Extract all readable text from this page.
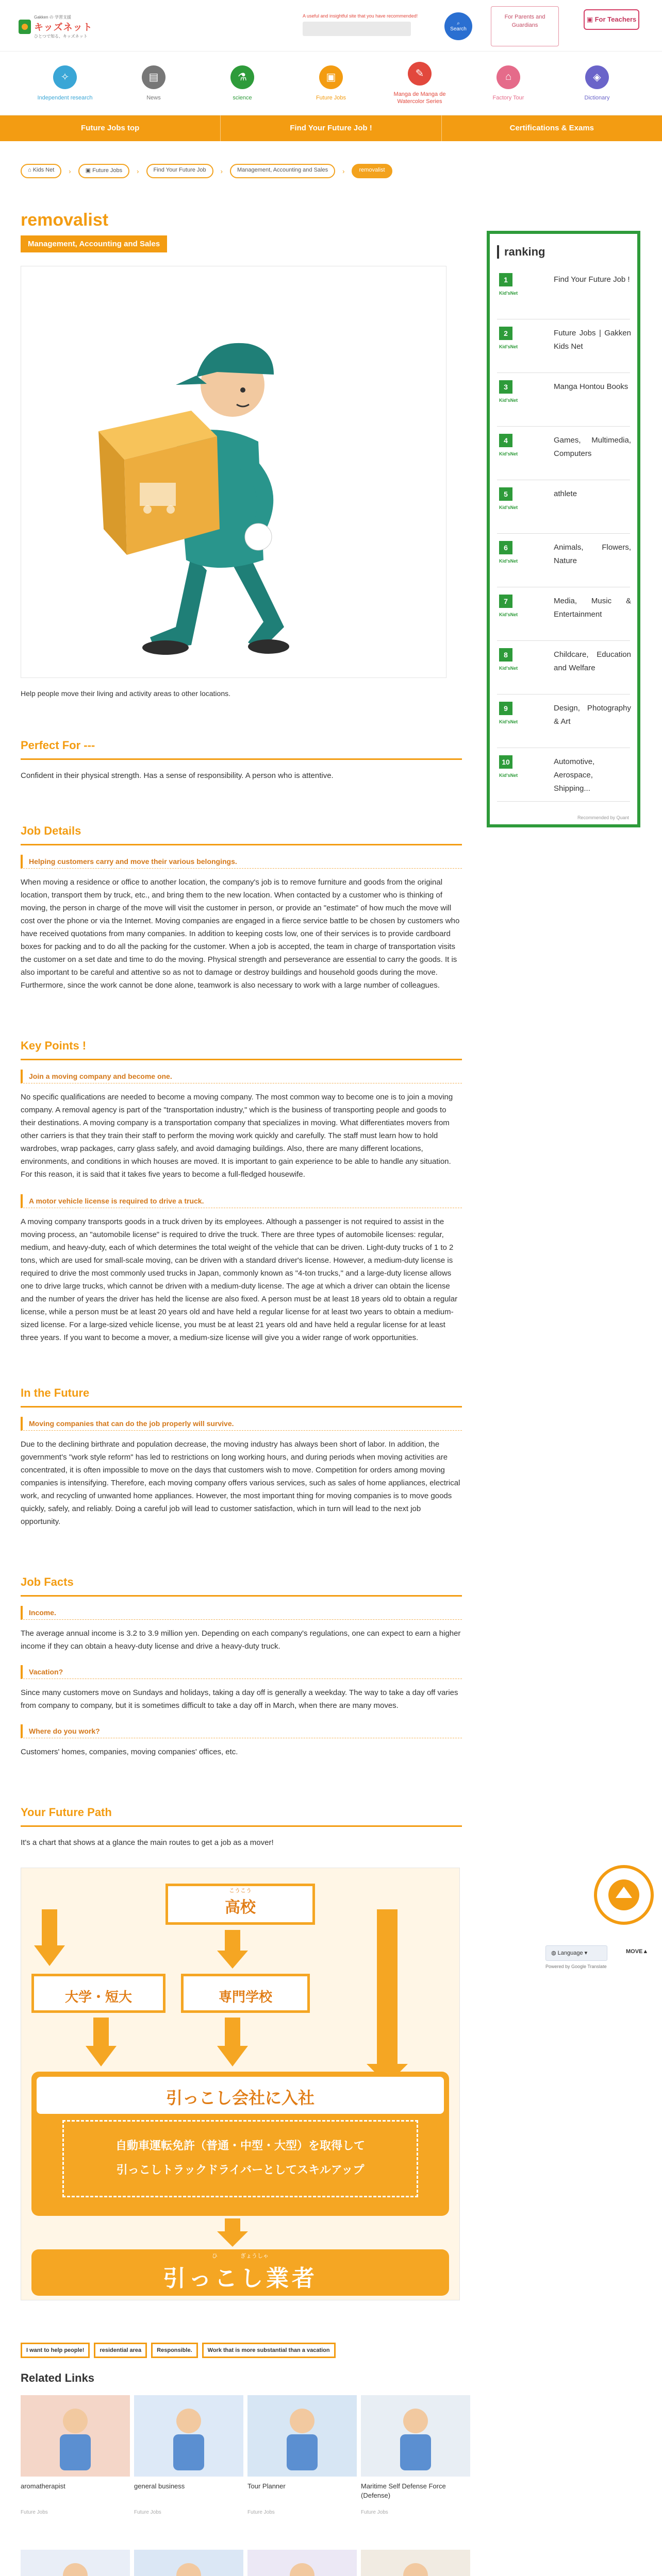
Gakken の 学習支援
キッズネット
ひとつで知る、キッズネット
A useful and insightful site that you have recommended!
⌕
Search
For Parents and Guardians
▣ For Teachers
✧
Independent research
▤
News
⚗
science
▣
Future Jobs
✎
Manga de Manga de Watercolor Series
⌂
Factory Tour
◈
Dictionary
Future Jobs top	Find Your Future Job !	Certifications & Exams
⌂ Kids Net	›	▣ Future Jobs	›	Find Your Future Job	›	Management, Accounting and Sales	›	removalist
removalist
Management, Accounting and Sales
Help people move their living and activity areas to other locations.
Perfect For ---
Confident in their physical strength. Has a sense of responsibility. A person who is attentive.
Job Details
Helping customers carry and move their various belongings.
When moving a residence or office to another location, the company's job is to remove furniture and goods from the original location, transport them by truck, etc., and bring them to the new location. When contacted by a customer who is thinking of moving, the person in charge of the move will visit the customer in person, or provide an "estimate" of how much the move will cost over the phone or via the Internet. Moving companies are engaged in a fierce service battle to be chosen by customers who have received quotations from many companies. In addition to keeping costs low, one of their services is to provide cardboard boxes for packing and to do all the packing for the customer. When a job is accepted, the team in charge of transportation visits the customer on a set date and time to do the moving. Physical strength and perseverance are essential to carry the goods. It is also important to be careful and attentive so as not to damage or destroy buildings and household goods during the move. Furthermore, since the work cannot be done alone, teamwork is also necessary to work with a large number of colleagues.
Key Points !
Join a moving company and become one.
No specific qualifications are needed to become a moving company. The most common way to become one is to join a moving company. A removal agency is part of the "transportation industry," which is the business of transporting people and goods to their destinations. A moving company is a transportation company that specializes in moving. What differentiates movers from other carriers is that they train their staff to perform the moving work quickly and carefully. The staff must learn how to hold wardrobes, wrap packages, carry glass safely, and avoid damaging buildings. Also, there are many different locations, environments, and conditions in which houses are moved. It is important to gain experience to be able to handle any situation. For this reason, it is said that it takes five years to become a full-fledged housewife.
A motor vehicle license is required to drive a truck.
A moving company transports goods in a truck driven by its employees. Although a passenger is not required to assist in the moving process, an "automobile license" is required to drive the truck. There are three types of automobile licenses: regular, medium, and heavy-duty, each of which determines the total weight of the vehicle that can be driven. Light-duty trucks of 1 to 2 tons, which are used for small-scale moving, can be driven with a standard driver's license. However, a medium-duty license is required to drive the most commonly used trucks in Japan, commonly known as "4-ton trucks," and a large-duty license allows one to drive large trucks, which cannot be driven with a medium-duty license. The age at which a driver can obtain the license and the number of years the driver has held the license are also fixed. A person must be at least 18 years old to obtain a regular license, while a person must be at least 20 years old and have held a regular license for at least two years to obtain a medium-sized license. For a large-sized vehicle license, you must be at least 21 years old and have held a regular license for at least three years. If you want to become a mover, a medium-size license will give you a wider range of work opportunities.
In the Future
Moving companies that can do the job properly will survive.
Due to the declining birthrate and population decrease, the moving industry has always been short of labor. In addition, the government's "work style reform" has led to restrictions on long working hours, and during periods when moving activities are concentrated, it is often impossible to move on the days that customers wish to move. Competition for orders among moving companies is intensifying. Therefore, each moving company offers various services, such as sales of home appliances, electrical work, and recycling of unwanted home appliances. However, the most important thing for moving companies is to move goods quickly, safely, and reliably. Doing a careful job will lead to customer satisfaction, which in turn will lead to the next job opportunity.
Job Facts
Income.
The average annual income is 3.2 to 3.9 million yen. Depending on each company's regulations, one can expect to earn a higher income if they can obtain a heavy-duty license and drive a heavy-duty truck.
Vacation?
Since many customers move on Sundays and holidays, taking a day off is generally a weekday. The way to take a day off varies from company to company, but it is sometimes difficult to take a day off in March, when there are many moves.
Where do you work?
Customers' homes, companies, moving companies' offices, etc.
Your Future Path
It's a chart that shows at a glance the main routes to get a job as a mover!
こうこう
高校
大学・短大	専門学校
引っこし会社に入社
自動車運転免許（普通・中型・大型）を取得して
引っこしトラックドライバーとしてスキルアップ
ひ　　　　ぎょうしゃ
引っこし業者
I want to help people!	residential area	Responsible.	Work that is more substantial than a vacation
Related Links
aromatherapist
Future Jobs
general business
Future Jobs
Tour Planner
Future Jobs
Maritime Self Defense Force (Defense)
Future Jobs
ranking
1
Kid'sNet
Find Your Future Job !
2
Kid'sNet
Future Jobs | Gakken Kids Net
3
Kid'sNet
Manga Hontou Books
4
Kid'sNet
Games, Multimedia, Computers
5
Kid'sNet
athlete
6
Kid'sNet
Animals, Flowers, Nature
7
Kid'sNet
Media, Music & Entertainment
8
Kid'sNet
Childcare, Education and Welfare
9
Kid'sNet
Design, Photography & Art
10
Kid'sNet
Automotive, Aerospace, Shipping...
Recommended by Quant
◍ Language ▾
Powered by Google Translate
MOVE▲
